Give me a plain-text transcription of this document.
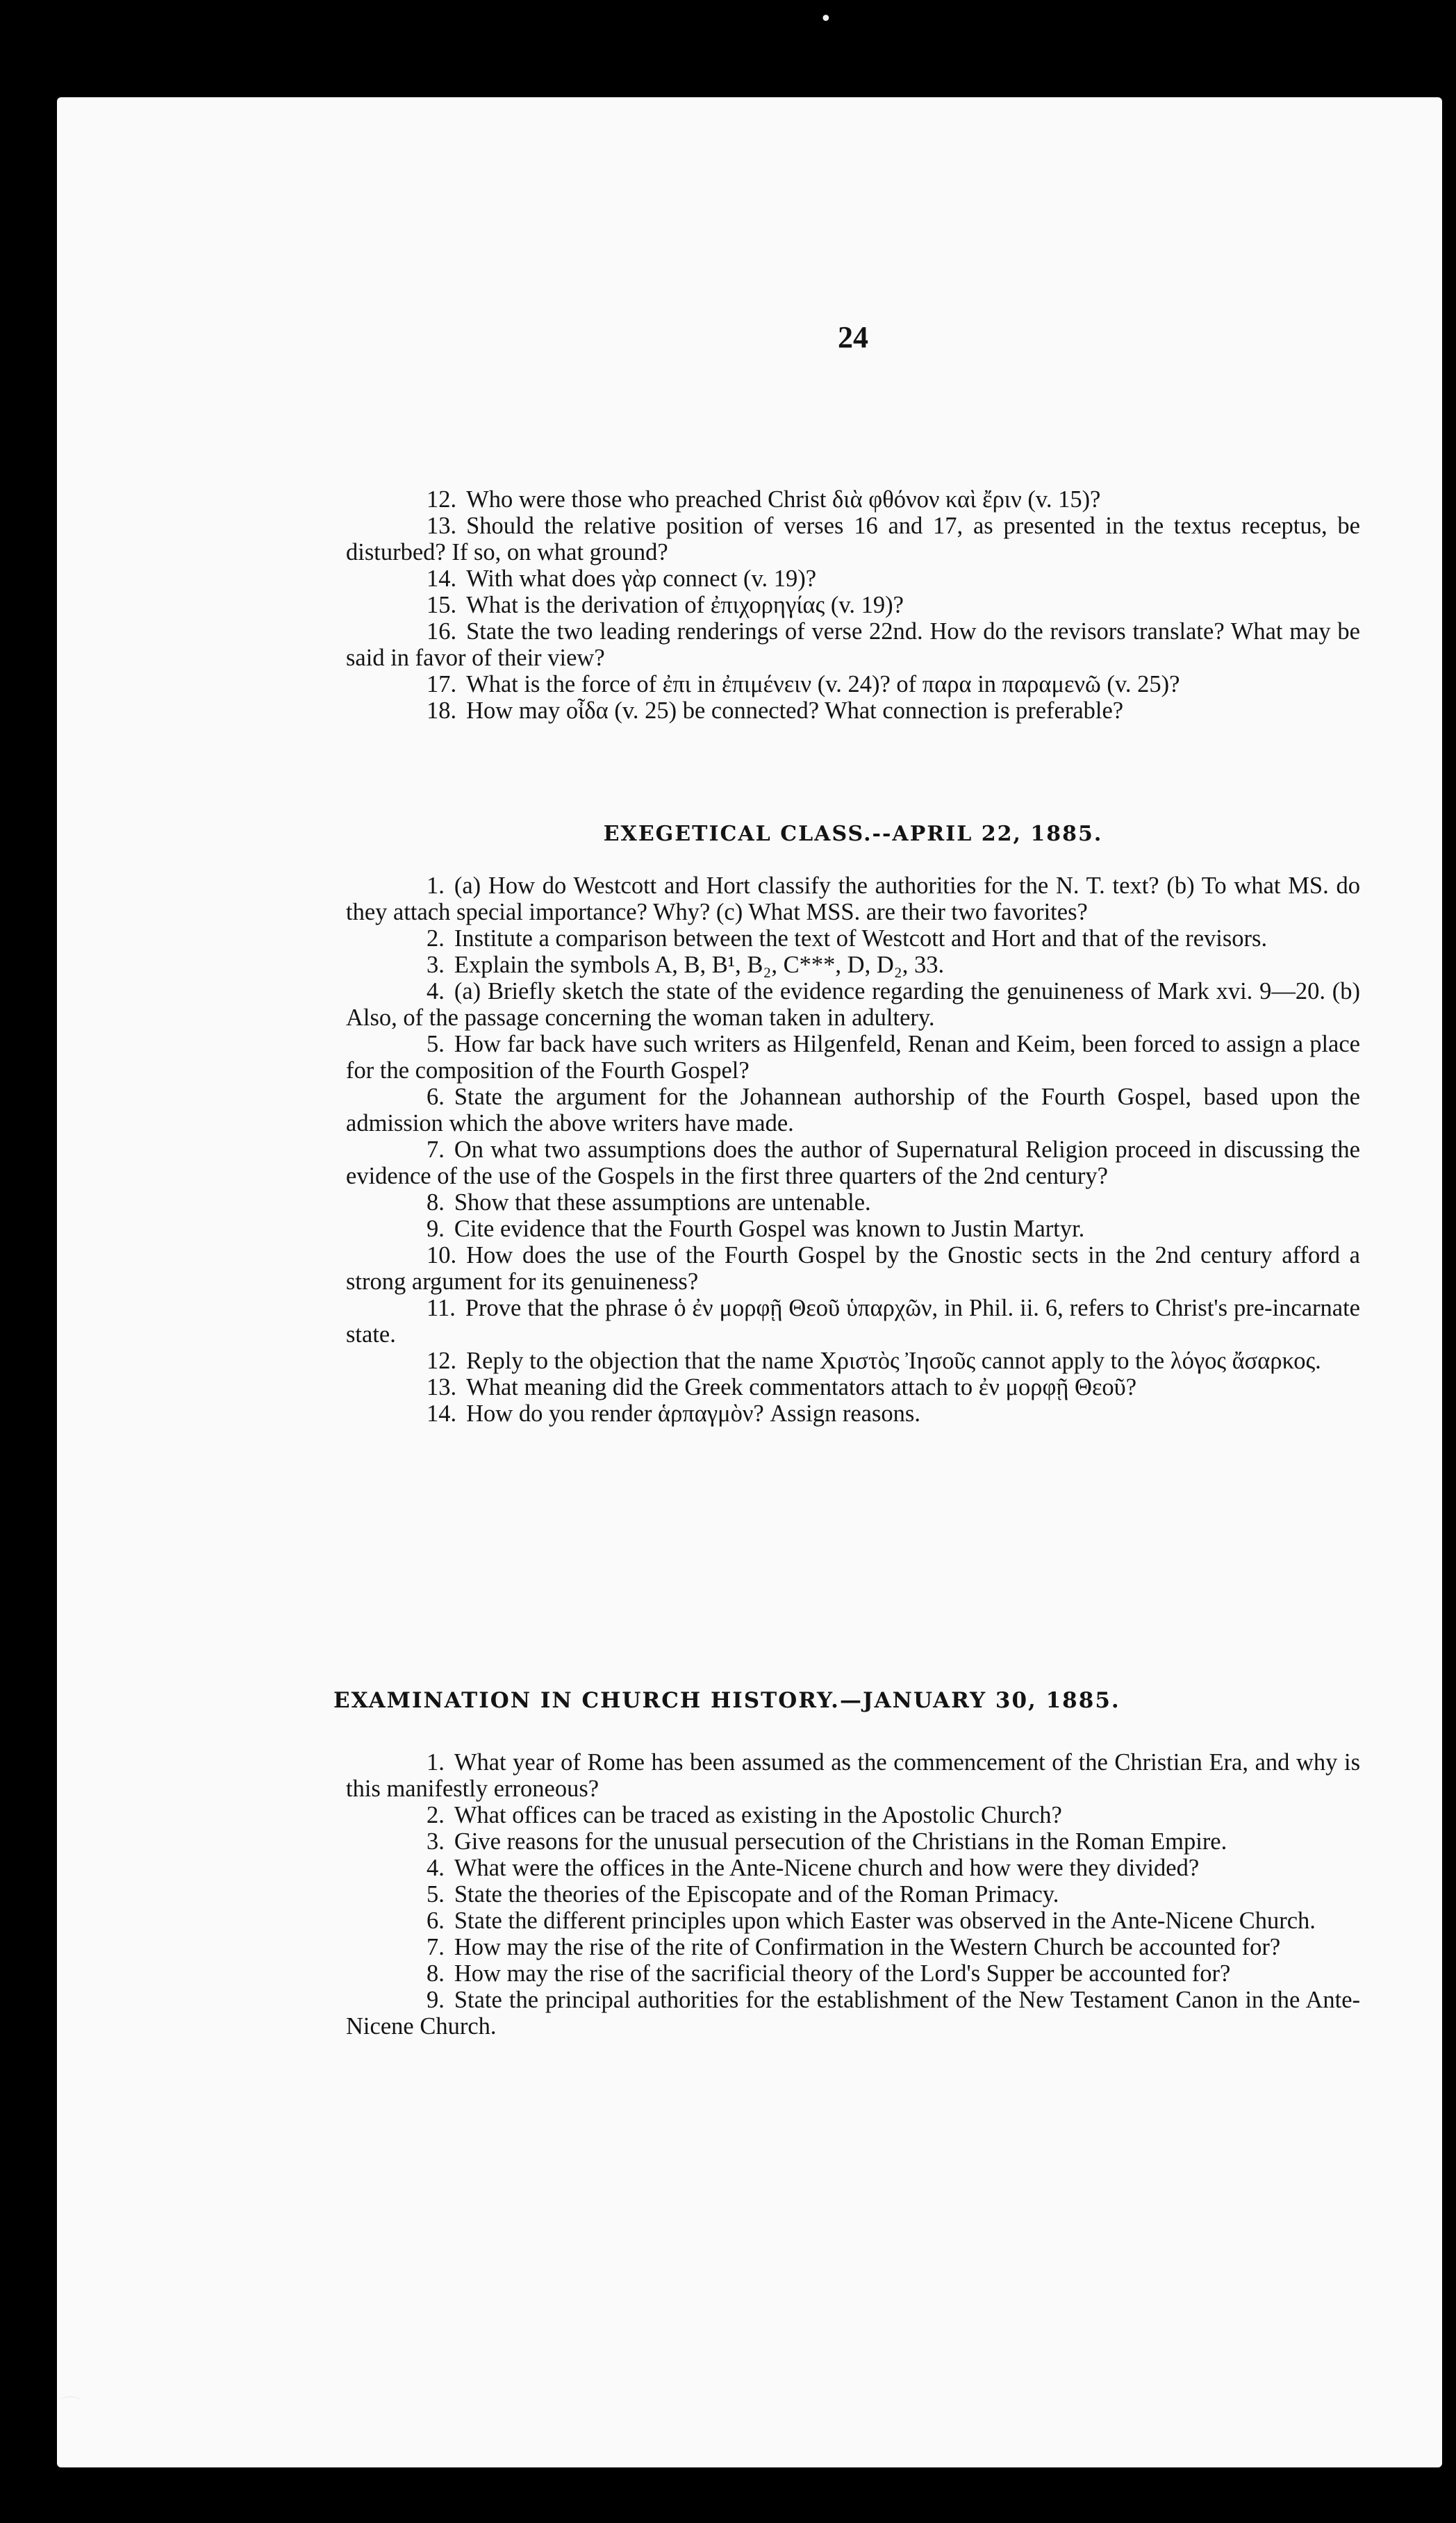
24

12. Who were those who preached Christ διὰ φθόνον καὶ ἔριν (v. 15)?

13. Should the relative position of verses 16 and 17, as presented in the textus receptus, be disturbed? If so, on what ground?

14. With what does γὰρ connect (v. 19)?

15. What is the derivation of ἐπιχορηγίας (v. 19)?

16. State the two leading renderings of verse 22nd. How do the revisors translate? What may be said in favor of their view?

17. What is the force of ἐπι in ἐπιμένειν (v. 24)? of παρα in παραμενῶ (v. 25)?

18. How may οἶδα (v. 25) be connected? What connection is preferable?

EXEGETICAL CLASS.--APRIL 22, 1885.

1. (a) How do Westcott and Hort classify the authorities for the N. T. text? (b) To what MS. do they attach special importance? Why? (c) What MSS. are their two favorites?

2. Institute a comparison between the text of Westcott and Hort and that of the revisors.

3. Explain the symbols A, B, B¹, B₂, C***, D, D₂, 33.

4. (a) Briefly sketch the state of the evidence regarding the genuineness of Mark xvi. 9—20. (b) Also, of the passage concerning the woman taken in adultery.

5. How far back have such writers as Hilgenfeld, Renan and Keim, been forced to assign a place for the composition of the Fourth Gospel?

6. State the argument for the Johannean authorship of the Fourth Gospel, based upon the admission which the above writers have made.

7. On what two assumptions does the author of Supernatural Religion proceed in discussing the evidence of the use of the Gospels in the first three quarters of the 2nd century?

8. Show that these assumptions are untenable.

9. Cite evidence that the Fourth Gospel was known to Justin Martyr.

10. How does the use of the Fourth Gospel by the Gnostic sects in the 2nd century afford a strong argument for its genuineness?

11. Prove that the phrase ὁ ἐν μορφῇ Θεοῦ ὑπαρχῶν, in Phil. ii. 6, refers to Christ's pre-incarnate state.

12. Reply to the objection that the name Χριστὸς Ἰησοῦς cannot apply to the λόγος ἄσαρκος.

13. What meaning did the Greek commentators attach to ἐν μορφῇ Θεοῦ?

14. How do you render ἁρπαγμὸν? Assign reasons.

EXAMINATION IN CHURCH HISTORY.—JANUARY 30, 1885.

1. What year of Rome has been assumed as the commencement of the Christian Era, and why is this manifestly erroneous?

2. What offices can be traced as existing in the Apostolic Church?

3. Give reasons for the unusual persecution of the Christians in the Roman Empire.

4. What were the offices in the Ante-Nicene church and how were they divided?

5. State the theories of the Episcopate and of the Roman Primacy.

6. State the different principles upon which Easter was observed in the Ante-Nicene Church.

7. How may the rise of the rite of Confirmation in the Western Church be accounted for?

8. How may the rise of the sacrificial theory of the Lord's Supper be accounted for?

9. State the principal authorities for the establishment of the New Testament Canon in the Ante-Nicene Church.

•
⌒
